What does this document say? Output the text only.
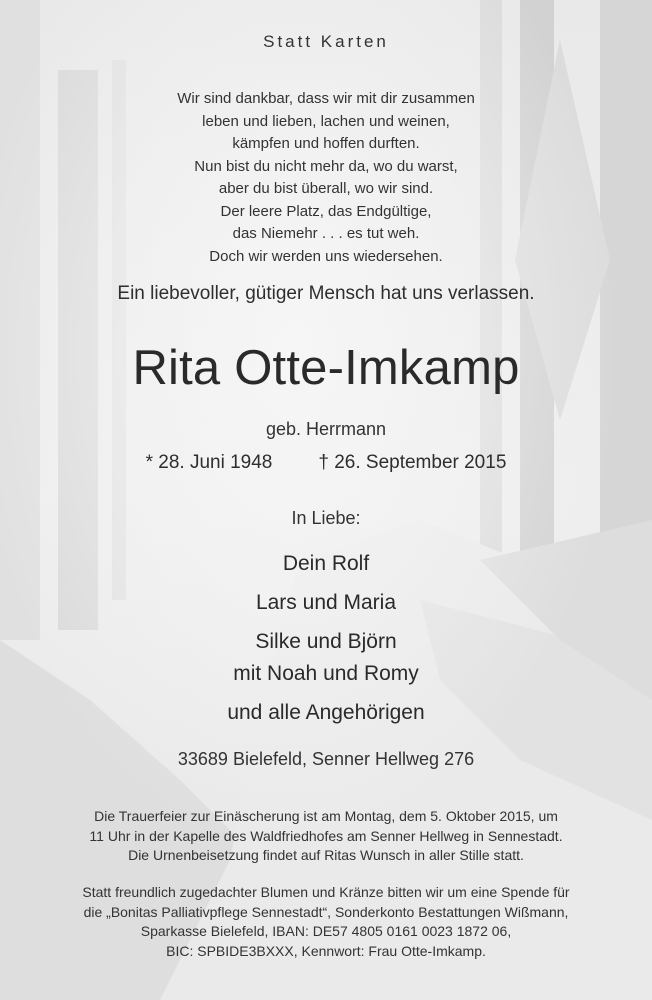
Statt Karten
Wir sind dankbar, dass wir mit dir zusammen
leben und lieben, lachen und weinen,
kämpfen und hoffen durften.
Nun bist du nicht mehr da, wo du warst,
aber du bist überall, wo wir sind.
Der leere Platz, das Endgültige,
das Niemehr . . . es tut weh.
Doch wir werden uns wiedersehen.
Ein liebevoller, gütiger Mensch hat uns verlassen.
Rita Otte-Imkamp
geb. Herrmann
* 28. Juni 1948 † 26. September 2015
In Liebe:
Dein Rolf
Lars und Maria
Silke und Björn
mit Noah und Romy
und alle Angehörigen
33689 Bielefeld, Senner Hellweg 276
Die Trauerfeier zur Einäscherung ist am Montag, dem 5. Oktober 2015, um
11 Uhr in der Kapelle des Waldfriedhofes am Senner Hellweg in Sennestadt.
Die Urnenbeisetzung findet auf Ritas Wunsch in aller Stille statt.
Statt freundlich zugedachter Blumen und Kränze bitten wir um eine Spende für
die „Bonitas Palliativpflege Sennestadt“, Sonderkonto Bestattungen Wißmann,
Sparkasse Bielefeld, IBAN: DE57 4805 0161 0023 1872 06,
BIC: SPBIDE3BXXX, Kennwort: Frau Otte-Imkamp.
